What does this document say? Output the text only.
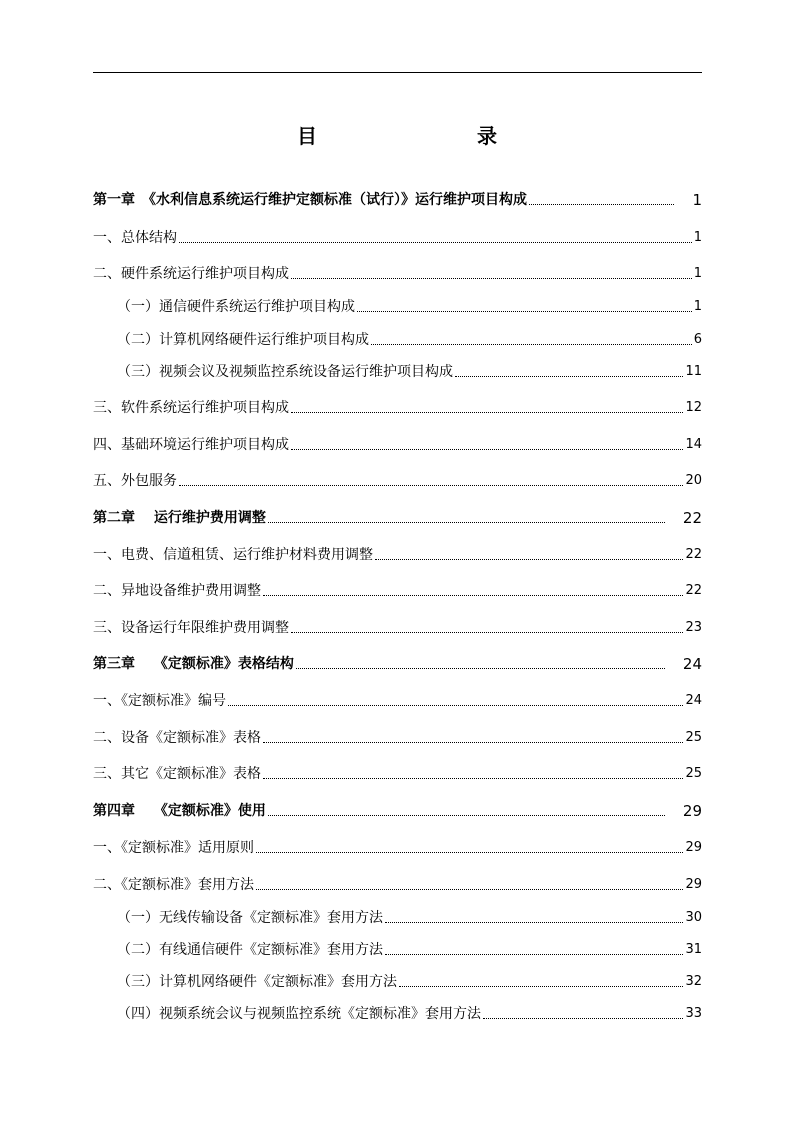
目　　录
第一章　《水利信息系统运行维护定额标准（试行）》运行维护项目构成	1
一、总体结构	1
二、硬件系统运行维护项目构成	1
（一）通信硬件系统运行维护项目构成	1
（二）计算机网络硬件运行维护项目构成	6
（三）视频会议及视频监控系统设备运行维护项目构成	11
三、软件系统运行维护项目构成	12
四、基础环境运行维护项目构成	14
五、外包服务	20
第二章　 运行维护费用调整	22
一、电费、信道租赁、运行维护材料费用调整	22
二、异地设备维护费用调整	22
三、设备运行年限维护费用调整	23
第三章　 《定额标准》表格结构	24
一、《定额标准》编号	24
二、设备《定额标准》表格	25
三、其它《定额标准》表格	25
第四章　 《定额标准》使用	29
一、《定额标准》适用原则	29
二、《定额标准》套用方法	29
（一）无线传输设备《定额标准》套用方法	30
（二）有线通信硬件《定额标准》套用方法	31
（三）计算机网络硬件《定额标准》套用方法	32
（四）视频系统会议与视频监控系统《定额标准》套用方法	33
